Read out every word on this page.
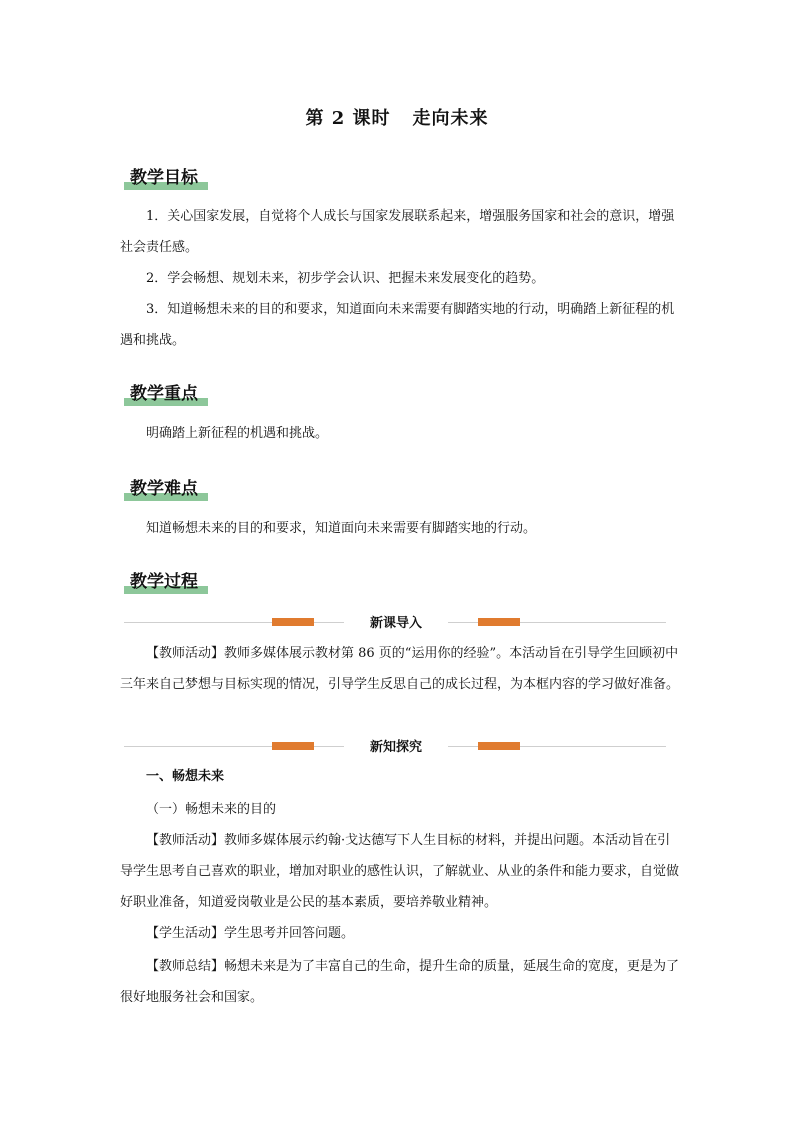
第 2 课时 走向未来
教学目标

1．关心国家发展，自觉将个人成长与国家发展联系起来，增强服务国家和社会的意识，增强社会责任感。

2．学会畅想、规划未来，初步学会认识、把握未来发展变化的趋势。

3．知道畅想未来的目的和要求，知道面向未来需要有脚踏实地的行动，明确踏上新征程的机遇和挑战。

教学重点

明确踏上新征程的机遇和挑战。

教学难点

知道畅想未来的目的和要求，知道面向未来需要有脚踏实地的行动。

教学过程
新课导入

【教师活动】教师多媒体展示教材第 86 页的“运用你的经验”。本活动旨在引导学生回顾初中三年来自己梦想与目标实现的情况，引导学生反思自己的成长过程，为本框内容的学习做好准备。

新知探究

一、畅想未来

（一）畅想未来的目的

【教师活动】教师多媒体展示约翰·戈达德写下人生目标的材料，并提出问题。本活动旨在引导学生思考自己喜欢的职业，增加对职业的感性认识，了解就业、从业的条件和能力要求，自觉做好职业准备，知道爱岗敬业是公民的基本素质，要培养敬业精神。

【学生活动】学生思考并回答问题。

【教师总结】畅想未来是为了丰富自己的生命，提升生命的质量，延展生命的宽度，更是为了很好地服务社会和国家。
